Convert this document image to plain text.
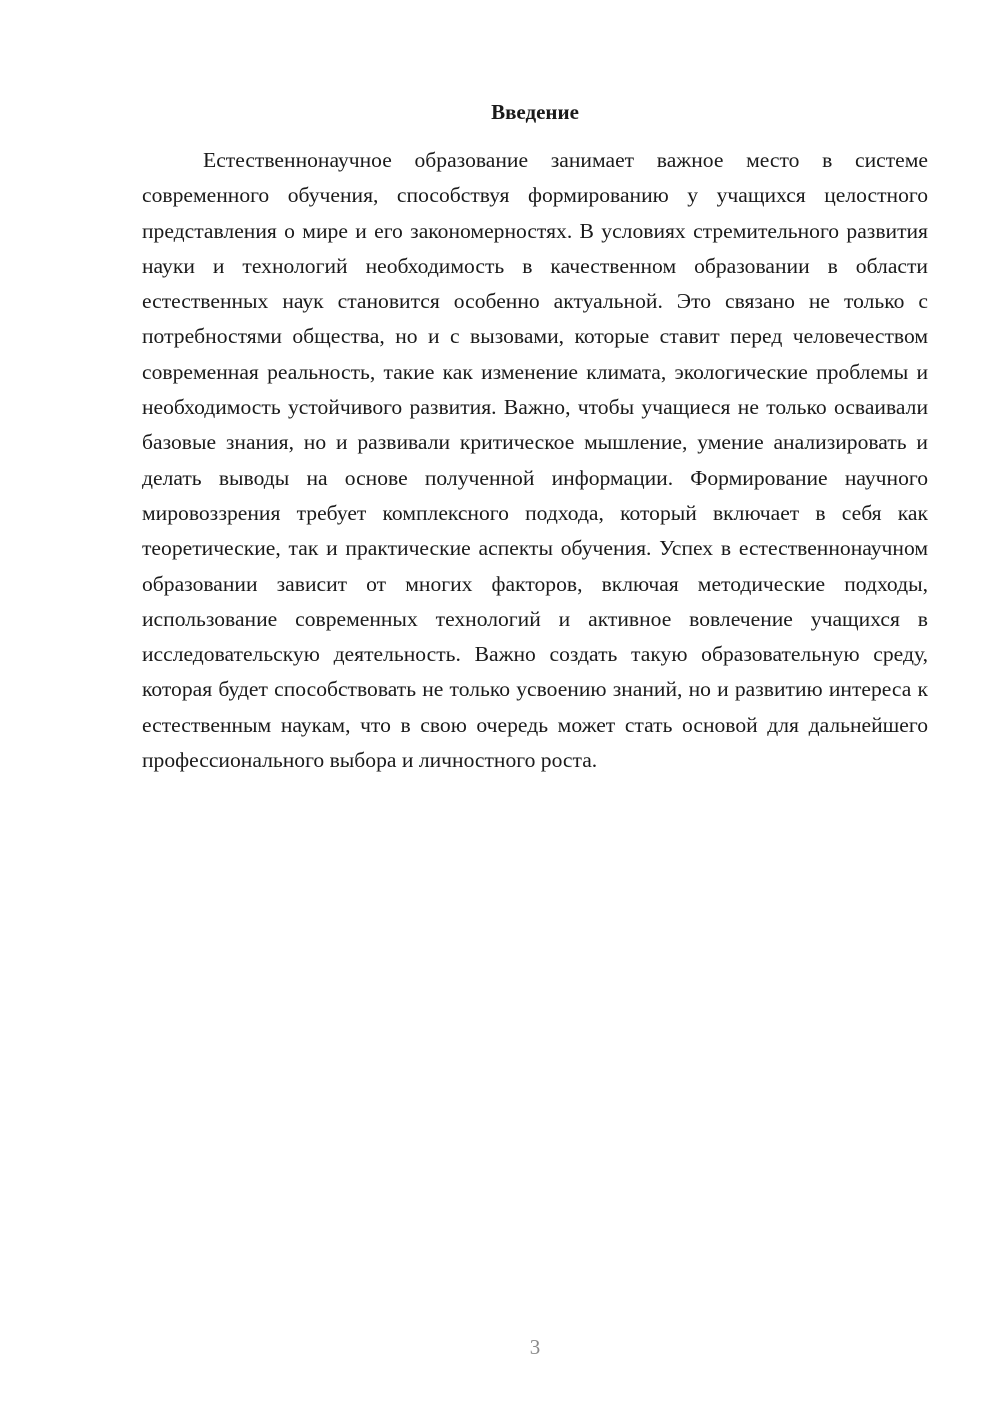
Введение

Естественнонаучное образование занимает важное место в системе современного обучения, способствуя формированию у учащихся целостного представления о мире и его закономерностях. В условиях стремительного развития науки и технологий необходимость в качественном образовании в области естественных наук становится особенно актуальной. Это связано не только с потребностями общества, но и с вызовами, которые ставит перед человечеством современная реальность, такие как изменение климата, экологические проблемы и необходимость устойчивого развития. Важно, чтобы учащиеся не только осваивали базовые знания, но и развивали критическое мышление, умение анализировать и делать выводы на основе полученной информации. Формирование научного мировоззрения требует комплексного подхода, который включает в себя как теоретические, так и практические аспекты обучения. Успех в естественнонаучном образовании зависит от многих факторов, включая методические подходы, использование современных технологий и активное вовлечение учащихся в исследовательскую деятельность. Важно создать такую образовательную среду, которая будет способствовать не только усвоению знаний, но и развитию интереса к естественным наукам, что в свою очередь может стать основой для дальнейшего профессионального выбора и личностного роста.

3
